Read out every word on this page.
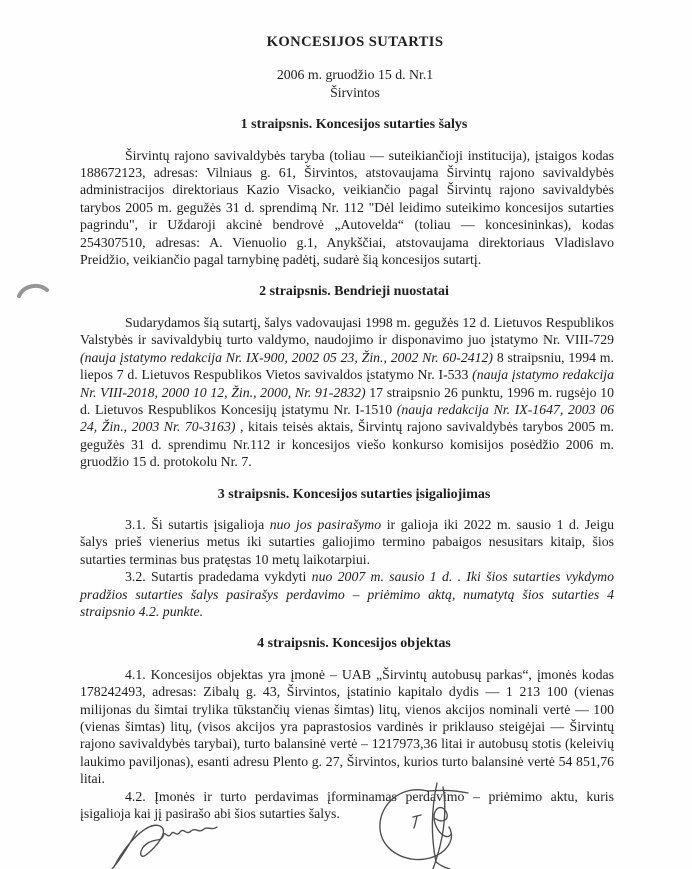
KONCESIJOS SUTARTIS
2006 m. gruodžio 15 d. Nr.1
Širvintos
1 straipsnis. Koncesijos sutarties šalys

Širvintų rajono savivaldybės taryba (toliau — suteikiančioji institucija), įstaigos kodas 188672123, adresas: Vilniaus g. 61, Širvintos, atstovaujama Širvintų rajono savivaldybės administracijos direktoriaus Kazio Visacko, veikiančio pagal Širvintų rajono savivaldybės tarybos 2005 m. gegužės 31 d. sprendimą Nr. 112 "Dėl leidimo suteikimo koncesijos sutarties pagrindu", ir Uždaroji akcinė bendrovė „Autovelda“ (toliau — koncesininkas), kodas 254307510, adresas: A. Vienuolio g.1, Anykščiai, atstovaujama direktoriaus Vladislavo Preidžio, veikiančio pagal tarnybinę padėtį, sudarė šią koncesijos sutartį.

2 straipsnis. Bendrieji nuostatai

Sudarydamos šią sutartį, šalys vadovaujasi 1998 m. gegužės 12 d. Lietuvos Respublikos Valstybės ir savivaldybių turto valdymo, naudojimo ir disponavimo juo įstatymo Nr. VIII-729 (nauja įstatymo redakcija Nr. IX-900, 2002 05 23, Žin., 2002 Nr. 60-2412) 8 straipsniu, 1994 m. liepos 7 d. Lietuvos Respublikos Vietos savivaldos įstatymo Nr. I-533 (nauja įstatymo redakcija Nr. VIII-2018, 2000 10 12, Žin., 2000, Nr. 91-2832) 17 straipsnio 26 punktu, 1996 m. rugsėjo 10 d. Lietuvos Respublikos Koncesijų įstatymu Nr. I-1510 (nauja redakcija Nr. IX-1647, 2003 06 24, Žin., 2003 Nr. 70-3163) , kitais teisės aktais, Širvintų rajono savivaldybės tarybos 2005 m. gegužės 31 d. sprendimu Nr.112 ir koncesijos viešo konkurso komisijos posėdžio 2006 m. gruodžio 15 d. protokolu Nr. 7.

3 straipsnis. Koncesijos sutarties įsigaliojimas

3.1. Ši sutartis įsigalioja nuo jos pasirašymo ir galioja iki 2022 m. sausio 1 d. Jeigu šalys prieš vienerius metus iki sutarties galiojimo termino pabaigos nesusitars kitaip, šios sutarties terminas bus pratęstas 10 metų laikotarpiui.

3.2. Sutartis pradedama vykdyti nuo 2007 m. sausio 1 d. . Iki šios sutarties vykdymo pradžios sutarties šalys pasirašys perdavimo – priėmimo aktą, numatytą šios sutarties 4 straipsnio 4.2. punkte.

4 straipsnis. Koncesijos objektas

4.1. Koncesijos objektas yra įmonė – UAB „Širvintų autobusų parkas“, įmonės kodas 178242493, adresas: Zibalų g. 43, Širvintos, įstatinio kapitalo dydis — 1 213 100 (vienas milijonas du šimtai trylika tūkstančių vienas šimtas) litų, vienos akcijos nominali vertė — 100 (vienas šimtas) litų, (visos akcijos yra paprastosios vardinės ir priklauso steigėjai — Širvintų rajono savivaldybės tarybai), turto balansinė vertė – 1217973,36 litai ir autobusų stotis (keleivių laukimo paviljonas), esanti adresu Plento g. 27, Širvintos, kurios turto balansinė vertė 54 851,76 litai.

4.2. Įmonės ir turto perdavimas įforminamas perdavimo – priėmimo aktu, kuris įsigalioja kai jį pasirašo abi šios sutarties šalys.
